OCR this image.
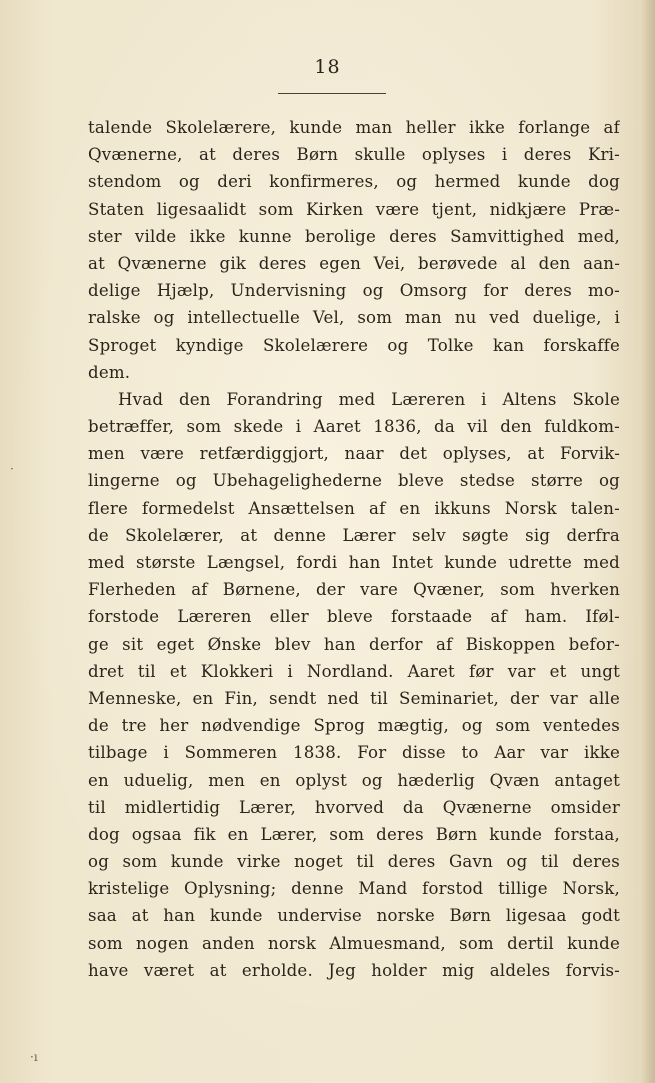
18
talende Skolelærere, kunde man heller ikke forlange af
Qvænerne, at deres Børn skulle oplyses i deres Kri-
stendom og deri konfirmeres, og hermed kunde dog
Staten ligesaalidt som Kirken være tjent, nidkjære Præ-
ster vilde ikke kunne berolige deres Samvittighed med,
at Qvænerne gik deres egen Vei, berøvede al den aan-
delige Hjælp, Undervisning og Omsorg for deres mo-
ralske og intellectuelle Vel, som man nu ved duelige, i
Sproget kyndige Skolelærere og Tolke kan forskaffe
dem.
Hvad den Forandring med Læreren i Altens Skole
betræffer, som skede i Aaret 1836, da vil den fuldkom-
men være retfærdiggjort, naar det oplyses, at Forvik-
lingerne og Ubehagelighederne bleve stedse større og
flere formedelst Ansættelsen af en ikkuns Norsk talen-
de Skolelærer, at denne Lærer selv søgte sig derfra
med største Længsel, fordi han Intet kunde udrette med
Flerheden af Børnene, der vare Qvæner, som hverken
forstode Læreren eller bleve forstaade af ham. Iføl-
ge sit eget Ønske blev han derfor af Biskoppen befor-
dret til et Klokkeri i Nordland. Aaret før var et ungt
Menneske, en Fin, sendt ned til Seminariet, der var alle
de tre her nødvendige Sprog mægtig, og som ventedes
tilbage i Sommeren 1838. For disse to Aar var ikke
en uduelig, men en oplyst og hæderlig Qvæn antaget
til midlertidig Lærer, hvorved da Qvænerne omsider
dog ogsaa fik en Lærer, som deres Børn kunde forstaa,
og som kunde virke noget til deres Gavn og til deres
kristelige Oplysning; denne Mand forstod tillige Norsk,
saa at han kunde undervise norske Børn ligesaa godt
som nogen anden norsk Almuesmand, som dertil kunde
have været at erholde. Jeg holder mig aldeles forvis-
·
·ı
